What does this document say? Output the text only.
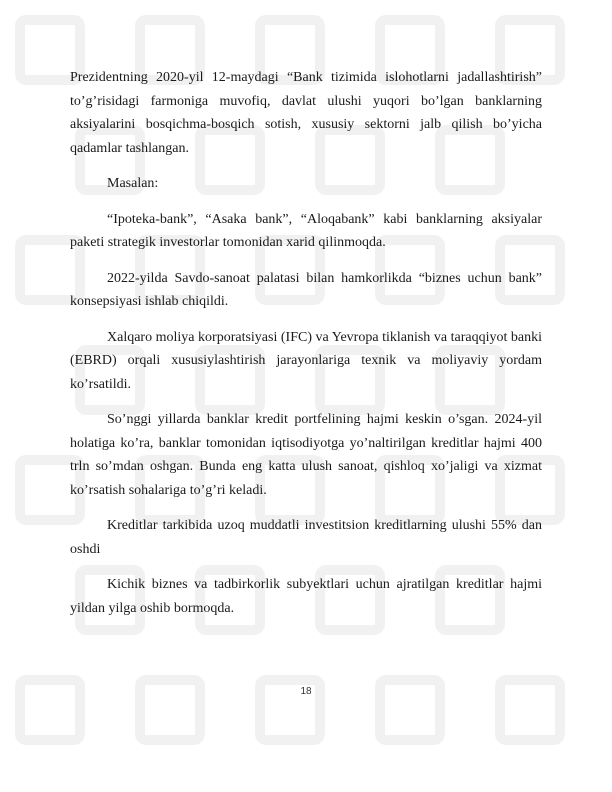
Prezidentning 2020-yil 12-maydagi “Bank tizimida islohotlarni jadallashtirish” to’g’risidagi farmoniga muvofiq, davlat ulushi yuqori bo’lgan banklarning aksiyalarini bosqichma-bosqich sotish, xususiy sektorni jalb qilish bo’yicha qadamlar tashlangan.

Masalan:

“Ipoteka-bank”, “Asaka bank”, “Aloqabank” kabi banklarning aksiyalar paketi strategik investorlar tomonidan xarid qilinmoqda.

2022-yilda Savdo-sanoat palatasi bilan hamkorlikda “biznes uchun bank” konsepsiyasi ishlab chiqildi.

Xalqaro moliya korporatsiyasi (IFC) va Yevropa tiklanish va taraqqiyot banki (EBRD) orqali xususiylashtirish jarayonlariga texnik va moliyaviy yordam ko’rsatildi.

So’nggi yillarda banklar kredit portfelining hajmi keskin o’sgan. 2024-yil holatiga ko’ra, banklar tomonidan iqtisodiyotga yo’naltirilgan kreditlar hajmi 400 trln so’mdan oshgan. Bunda eng katta ulush sanoat, qishloq xo’jaligi va xizmat ko’rsatish sohalariga to’g’ri keladi.

Kreditlar tarkibida uzoq muddatli investitsion kreditlarning ulushi 55% dan oshdi

Kichik biznes va tadbirkorlik subyektlari uchun ajratilgan kreditlar hajmi yildan yilga oshib bormoqda.

18
